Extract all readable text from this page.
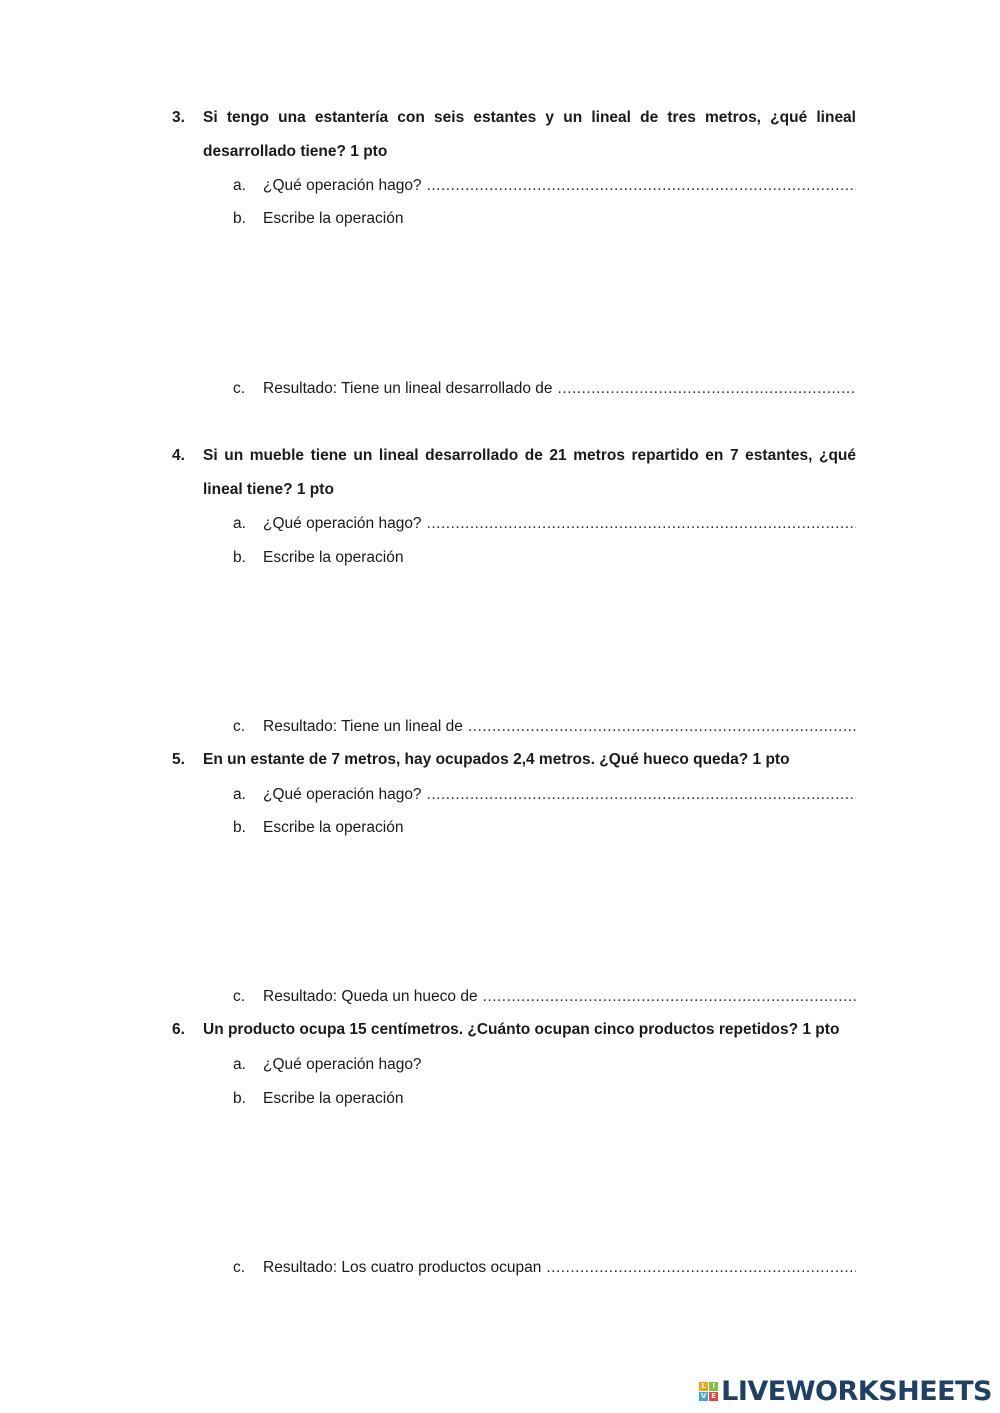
3. Si tengo una estantería con seis estantes y un lineal de tres metros, ¿qué lineal desarrollado tiene? 1 pto
a.	¿Qué operación hago?
.....
b.	Escribe la operación
c.	Resultado: Tiene un lineal desarrollado de
.....
4. Si un mueble tiene un lineal desarrollado de 21 metros repartido en 7 estantes, ¿qué lineal tiene? 1 pto
a.	¿Qué operación hago?
.....
b.	Escribe la operación
c.	Resultado: Tiene un lineal de
.....
5. En un estante de 7 metros, hay ocupados 2,4 metros. ¿Qué hueco queda? 1 pto
a.	¿Qué operación hago?
.....
b.	Escribe la operación
c.	Resultado: Queda un hueco de
.....
6. Un producto ocupa 15 centímetros. ¿Cuánto ocupan cinco productos repetidos? 1 pto
a.	¿Qué operación hago?
b.	Escribe la operación
c.	Resultado: Los cuatro productos ocupan
.....
L I
V E LIVEWORKSHEETS
